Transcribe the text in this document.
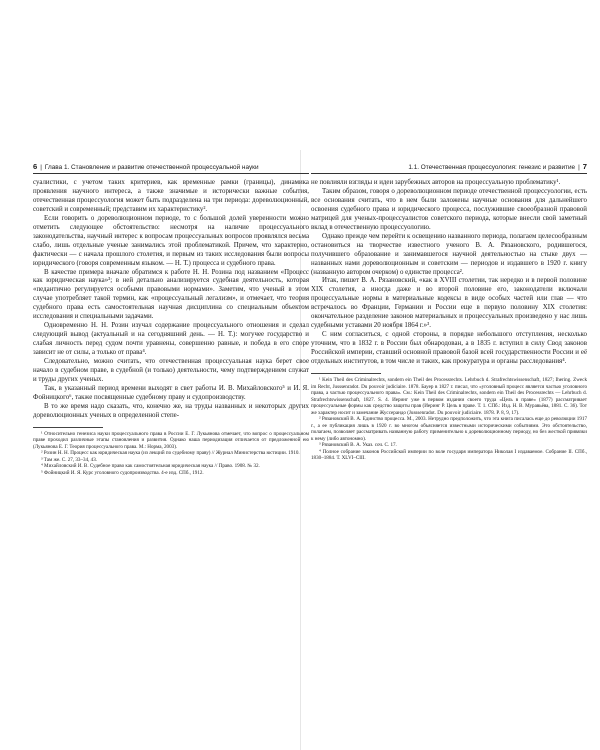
6 | Глава 1. Становление и развитие отечественной процессуальной науки

суалистики, с учетом таких критериев, как временные рамки (границы), динамика проявления научного интереса, а также значимые и исторически важные события, отечественная процессуология может быть подразделена на три периода: дореволюционный, советский и современный; представим их характеристику².

Если говорить о дореволюционном периоде, то с большой долей уверенности можно отметить следующее обстоятельство: несмотря на наличие процессуального законодательства, научный интерес к вопросам процессуальных вопросов проявлялся весьма слабо, лишь отдельные ученые занимались этой проблематикой. Причем, что характерно, фактически — с начала прошлого столетия, и первым из таких исследования были вопросы юридического (говоря современным языком. — Н. Т.) процесса и судебного права.

В качестве примера вначале обратимся к работе Н. Н. Розина под названием «Процесс как юридическая наука»³; в ней детально анализируется судебная деятельность, которая «педантично регулируется особыми правовыми нормами». Заметим, что ученый в этом случае употребляет такой термин, как «процессуальный легализм», и отмечает, что теория судебного права есть самостоятельная научная дисциплина со специальным объектом исследования и специальными задачами.

Одновременно Н. Н. Розин изучал содержание процессуального отношения и сделал следующий вывод (актуальный и на сегодняшний день. — Н. Т.): могучее государство и слабая личность перед судом почти уравнены, совершенно равные, и победа в его споре зависит не от силы, а только от права⁴.

Следовательно, можно считать, что отечественная процессуальная наука берет свое начало в судебном праве, в судебной (и только) деятельности, чему подтверждением служат и труды других ученых.

Так, в указанный период времени выходят в свет работы И. В. Михайловского⁵ и И. Я. Фойницкого⁶, также посвященные судебному праву и судопроизводству.

В то же время надо сказать, что, конечно же, на труды названных и некоторых других дореволюционных ученых в определенной степе-

¹ Относительно генезиса науки процессуального права в России Е. Г. Лукьянова отмечает, что вопрос о процессуальном праве проходил различные этапы становления и развития. Однако наша периодизация отличается от предложенной ею (Лукьянова Е. Г. Теория процессуального права. М.: Норма, 2003).

² Розин Н. Н. Процесс как юридическая наука (из лекций по судебному праву) // Журнал Министерства юстиции. 1910.

³ Там же. С. 27, 33–34, 43.

⁴ Михайловский И. В. Судебное право как самостоятельная юридическая наука // Право. 1908. № 32.

⁵ Фойницкий И. Я. Курс уголовного судопроизводства. 4-е изд. СПб., 1912.

1.1. Отечественная процессуология: генезис и развитие | 7

не повлияли взгляды и идеи зарубежных авторов на процессуальную проблематику¹.

Таким образом, говоря о дореволюционном периоде отечественной процессуологии, есть все основания считать, что в нем были заложены научные основания для дальнейшего освоения судебного права и юридического процесса, послужившие своеобразной правовой матрицей для ученых-процессуалистов советского периода, которые внесли свой заметный вклад в отечественную процессуологию.

Однако прежде чем перейти к освещению названного периода, полагаем целесообразным остановиться на творчестве известного ученого В. А. Рязановского, родившегося, получившего образование и занимавшегося научной деятельностью на стыке двух — названных нами дореволюционным и советским — периодов и издавшего в 1920 г. книгу (названную автором очерком) о единстве процесса².

Итак, пишет В. А. Рязановский, «как в XVIII столетии, так нередко и в первой половине XIX столетия, а иногда даже и во второй половине его, законодатели включали процессуальные нормы в материальные кодексы в виде особых частей или глав — что встречалось во Франции, Германии и России еще в первую половину XIX столетия: окончательное разделение законов материальных и процессуальных произведено у нас лишь судебными уставами 20 ноября 1864 г.»³.

С ним согласиться, с одной стороны, в порядке небольшого отступления, несколько уточним, что в 1832 г. в России был обнародован, а в 1835 г. вступил в силу Свод законов Российской империи, ставший основной правовой базой всей государственности России и её отдельных институтов, в том числе и таких, как прокуратура и органы расследования⁴.

¹ Kein Theil des Criminalrechts, sondern ein Theil des Processrechts. Lehrbuch d. Strafrechtswissenschaft, 1827; Ihering. Zweck im Recht, Jusssenradot. Du pouvoir judiciaire. 1878. Бауер в 1827 г. писал, что «уголовный процесс является частью уголовного права, а частью процессуального права». См.: Kein Theil des Criminalrechts, sondern ein Theil des Processrechts — Lehrbuch d. Strafrechtswissenschaft, 1827. S. 4. Иеринг уже в первом издании своего труда «Цель в праве» (1877) рассматривает процессуальные формы как средство защиты прав (Иеринг Р. Цель в праве. Т. 1. СПб.: Изд. Н. В. Муравьёва, 1881. С. 36). Тот же характер носит и замечание Жуссерандо (Jusssenradot. Du pouvoir judiciaire. 1878. P. 8, 9, 17).

² Рязановский В. А. Единство процесса. М., 2003. Нетрудно предположить, что эта книга писалась еще до революции 1917 г., а ее публикация лишь в 1920 г. во многом объясняется известными историческими событиями. Это обстоятельство, полагаем, позволяет рассматривать названную работу применительно к дореволюционному периоду, но без жесткой привязки к нему (либо автономно).

³ Рязановский В. А. Указ. соч. С. 17.

⁴ Полное собрание законов Российской империи по воле государя императора Николая I издаваемое. Собрание II. СПб., 1830–1884. Т. XLVI–CIII.
